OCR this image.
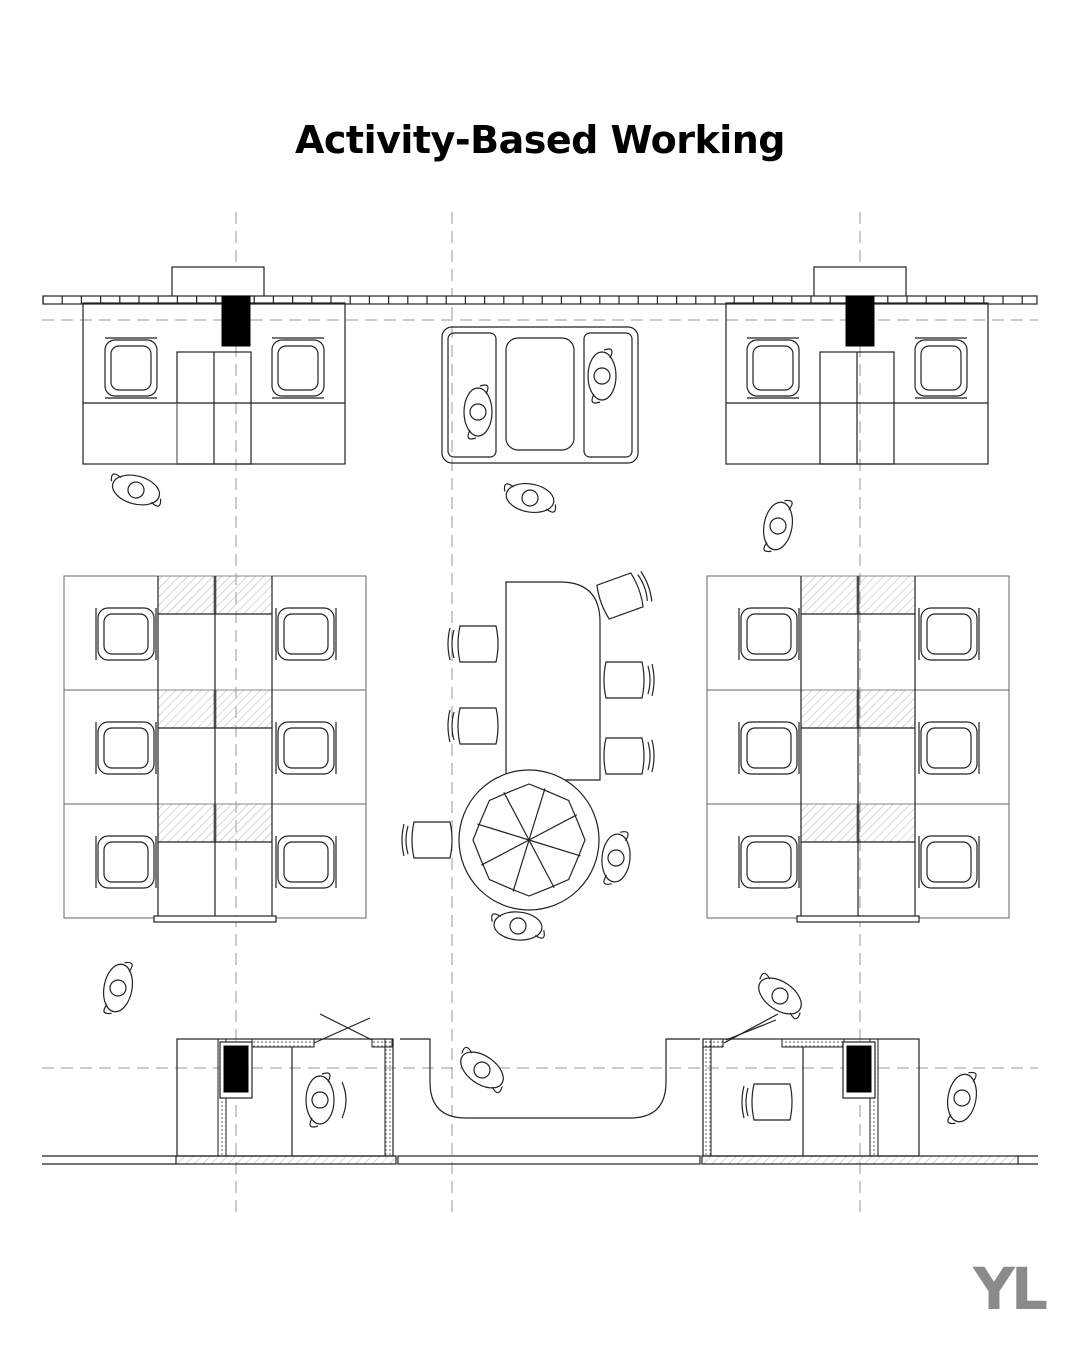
Activity-Based Working
YL
